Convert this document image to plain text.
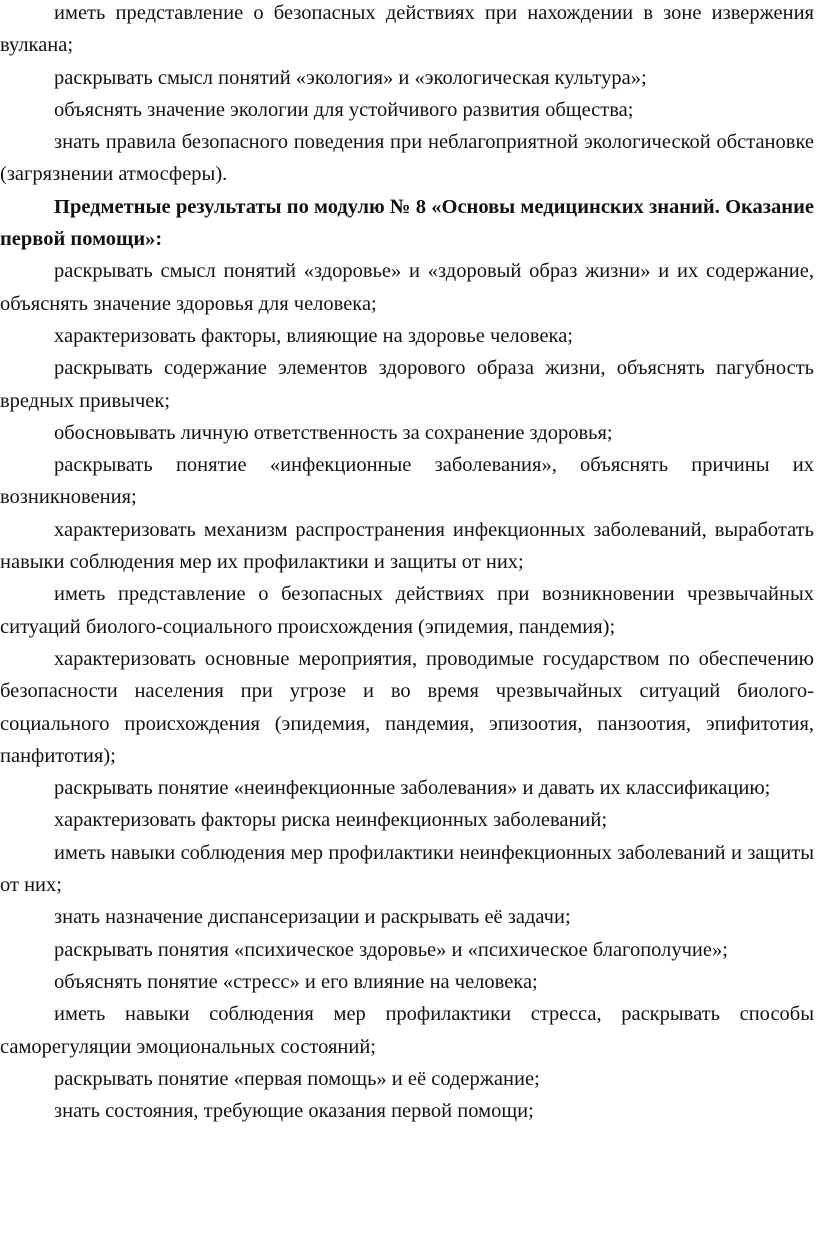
иметь представление о безопасных действиях при нахождении в зоне извержения вулкана;

раскрывать смысл понятий «экология» и «экологическая культура»;

объяснять значение экологии для устойчивого развития общества;

знать правила безопасного поведения при неблагоприятной экологической обстановке (загрязнении атмосферы).

Предметные результаты по модулю № 8 «Основы медицинских знаний. Оказание первой помощи»:

раскрывать смысл понятий «здоровье» и «здоровый образ жизни» и их содержание, объяснять значение здоровья для человека;

характеризовать факторы, влияющие на здоровье человека;

раскрывать содержание элементов здорового образа жизни, объяснять пагубность вредных привычек;

обосновывать личную ответственность за сохранение здоровья;

раскрывать понятие «инфекционные заболевания», объяснять причины их возникновения;

характеризовать механизм распространения инфекционных заболеваний, выработать навыки соблюдения мер их профилактики и защиты от них;

иметь представление о безопасных действиях при возникновении чрезвычайных ситуаций биолого-социального происхождения (эпидемия, пандемия);

характеризовать основные мероприятия, проводимые государством по обеспечению безопасности населения при угрозе и во время чрезвычайных ситуаций биолого-социального происхождения (эпидемия, пандемия, эпизоотия, панзоотия, эпифитотия, панфитотия);

раскрывать понятие «неинфекционные заболевания» и давать их классификацию;

характеризовать факторы риска неинфекционных заболеваний;

иметь навыки соблюдения мер профилактики неинфекционных заболеваний и защиты от них;

знать назначение диспансеризации и раскрывать её задачи;

раскрывать понятия «психическое здоровье» и «психическое благополучие»;

объяснять понятие «стресс» и его влияние на человека;

иметь навыки соблюдения мер профилактики стресса, раскрывать способы саморегуляции эмоциональных состояний;

раскрывать понятие «первая помощь» и её содержание;

знать состояния, требующие оказания первой помощи;
